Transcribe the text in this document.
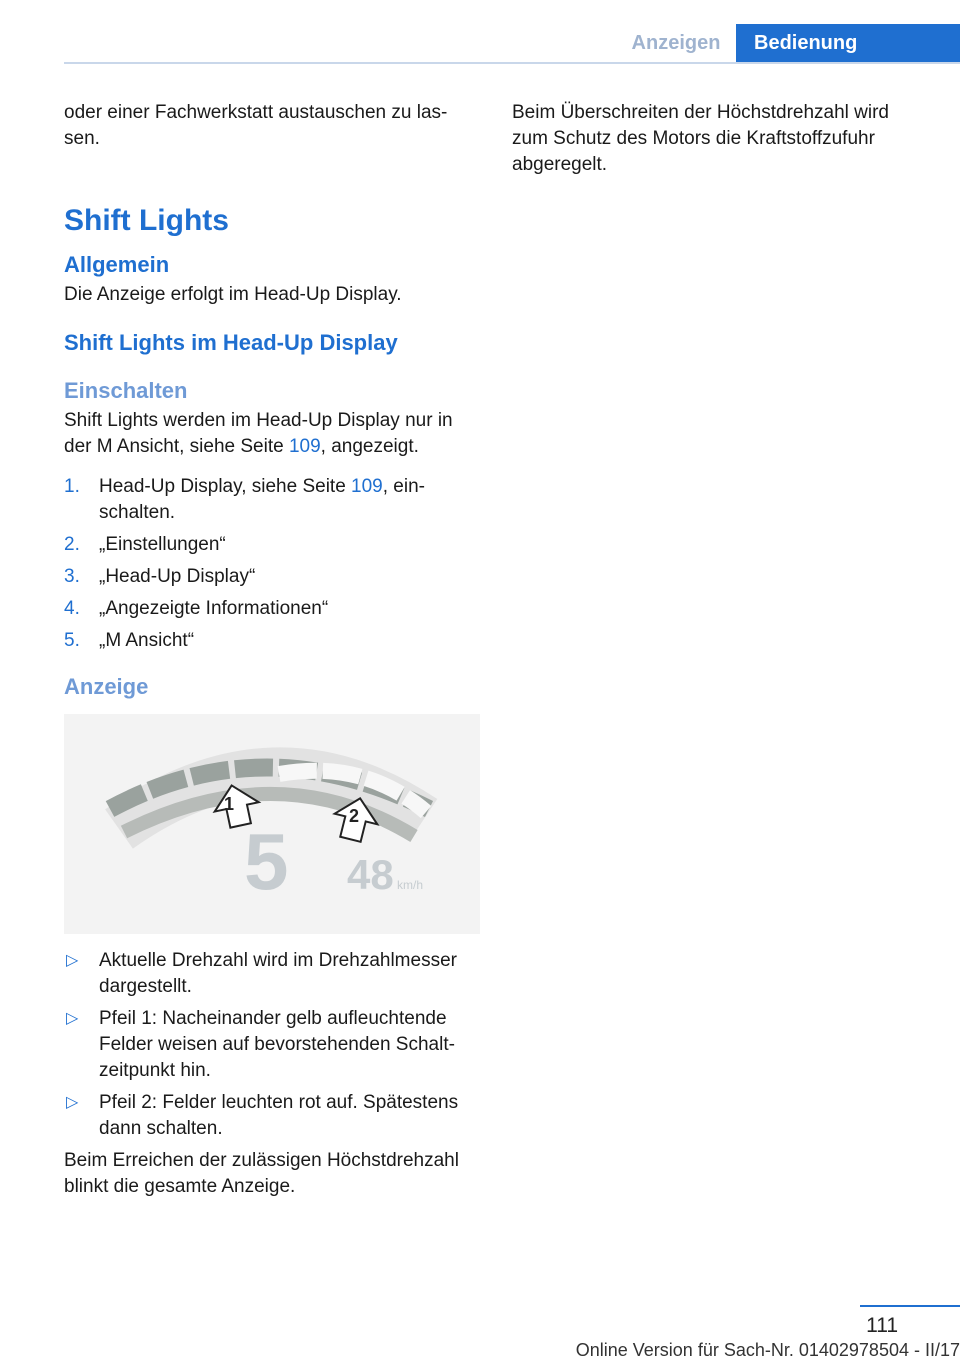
Anzeigen	Bedienung

oder einer Fachwerkstatt austauschen zu las‐sen.

Shift Lights
Allgemein

Die Anzeige erfolgt im Head-Up Display.

Shift Lights im Head-Up Display
Einschalten

Shift Lights werden im Head-Up Display nur in der M Ansicht, siehe Seite 109, angezeigt.

1. Head-Up Display, siehe Seite 109, ein‐schalten.
2. „Einstellungen“
3. „Head-Up Display“
4. „Angezeigte Informationen“
5. „M Ansicht“
Anzeige
1
2
5 48 km/h
▷ Aktuelle Drehzahl wird im Drehzahlmesser dargestellt.
▷ Pfeil 1: Nacheinander gelb aufleuchtende Felder weisen auf bevorstehenden Schalt‐zeitpunkt hin.
▷ Pfeil 2: Felder leuchten rot auf. Spätestens dann schalten.

Beim Erreichen der zulässigen Höchstdrehzahl blinkt die gesamte Anzeige.

Beim Überschreiten der Höchstdrehzahl wird zum Schutz des Motors die Kraftstoffzufuhr abgeregelt.

111
Online Version für Sach-Nr. 01402978504 - II/17
